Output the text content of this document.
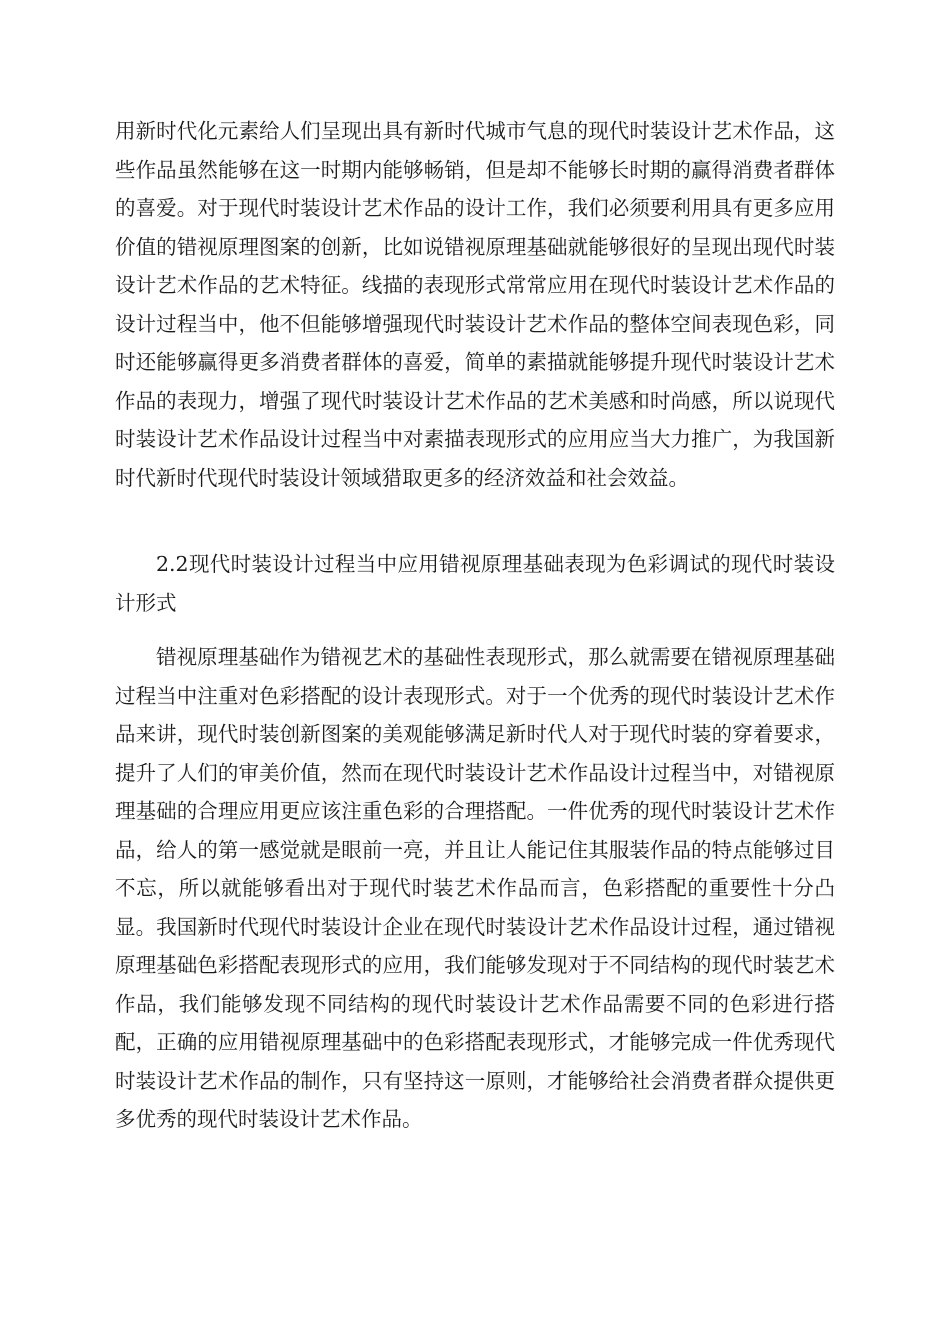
用新时代化元素给人们呈现出具有新时代城市气息的现代时装设计艺术作品，这些作品虽然能够在这一时期内能够畅销，但是却不能够长时期的赢得消费者群体的喜爱。对于现代时装设计艺术作品的设计工作，我们必须要利用具有更多应用价值的错视原理图案的创新，比如说错视原理基础就能够很好的呈现出现代时装设计艺术作品的艺术特征。线描的表现形式常常应用在现代时装设计艺术作品的设计过程当中，他不但能够增强现代时装设计艺术作品的整体空间表现色彩，同时还能够赢得更多消费者群体的喜爱，简单的素描就能够提升现代时装设计艺术作品的表现力，增强了现代时装设计艺术作品的艺术美感和时尚感，所以说现代时装设计艺术作品设计过程当中对素描表现形式的应用应当大力推广，为我国新时代新时代现代时装设计领域猎取更多的经济效益和社会效益。

2.2现代时装设计过程当中应用错视原理基础表现为色彩调试的现代时装设计形式

错视原理基础作为错视艺术的基础性表现形式，那么就需要在错视原理基础过程当中注重对色彩搭配的设计表现形式。对于一个优秀的现代时装设计艺术作品来讲，现代时装创新图案的美观能够满足新时代人对于现代时装的穿着要求，提升了人们的审美价值，然而在现代时装设计艺术作品设计过程当中，对错视原理基础的合理应用更应该注重色彩的合理搭配。一件优秀的现代时装设计艺术作品，给人的第一感觉就是眼前一亮，并且让人能记住其服装作品的特点能够过目不忘，所以就能够看出对于现代时装艺术作品而言，色彩搭配的重要性十分凸显。我国新时代现代时装设计企业在现代时装设计艺术作品设计过程，通过错视原理基础色彩搭配表现形式的应用，我们能够发现对于不同结构的现代时装艺术作品，我们能够发现不同结构的现代时装设计艺术作品需要不同的色彩进行搭配，正确的应用错视原理基础中的色彩搭配表现形式，才能够完成一件优秀现代时装设计艺术作品的制作，只有坚持这一原则，才能够给社会消费者群众提供更多优秀的现代时装设计艺术作品。
